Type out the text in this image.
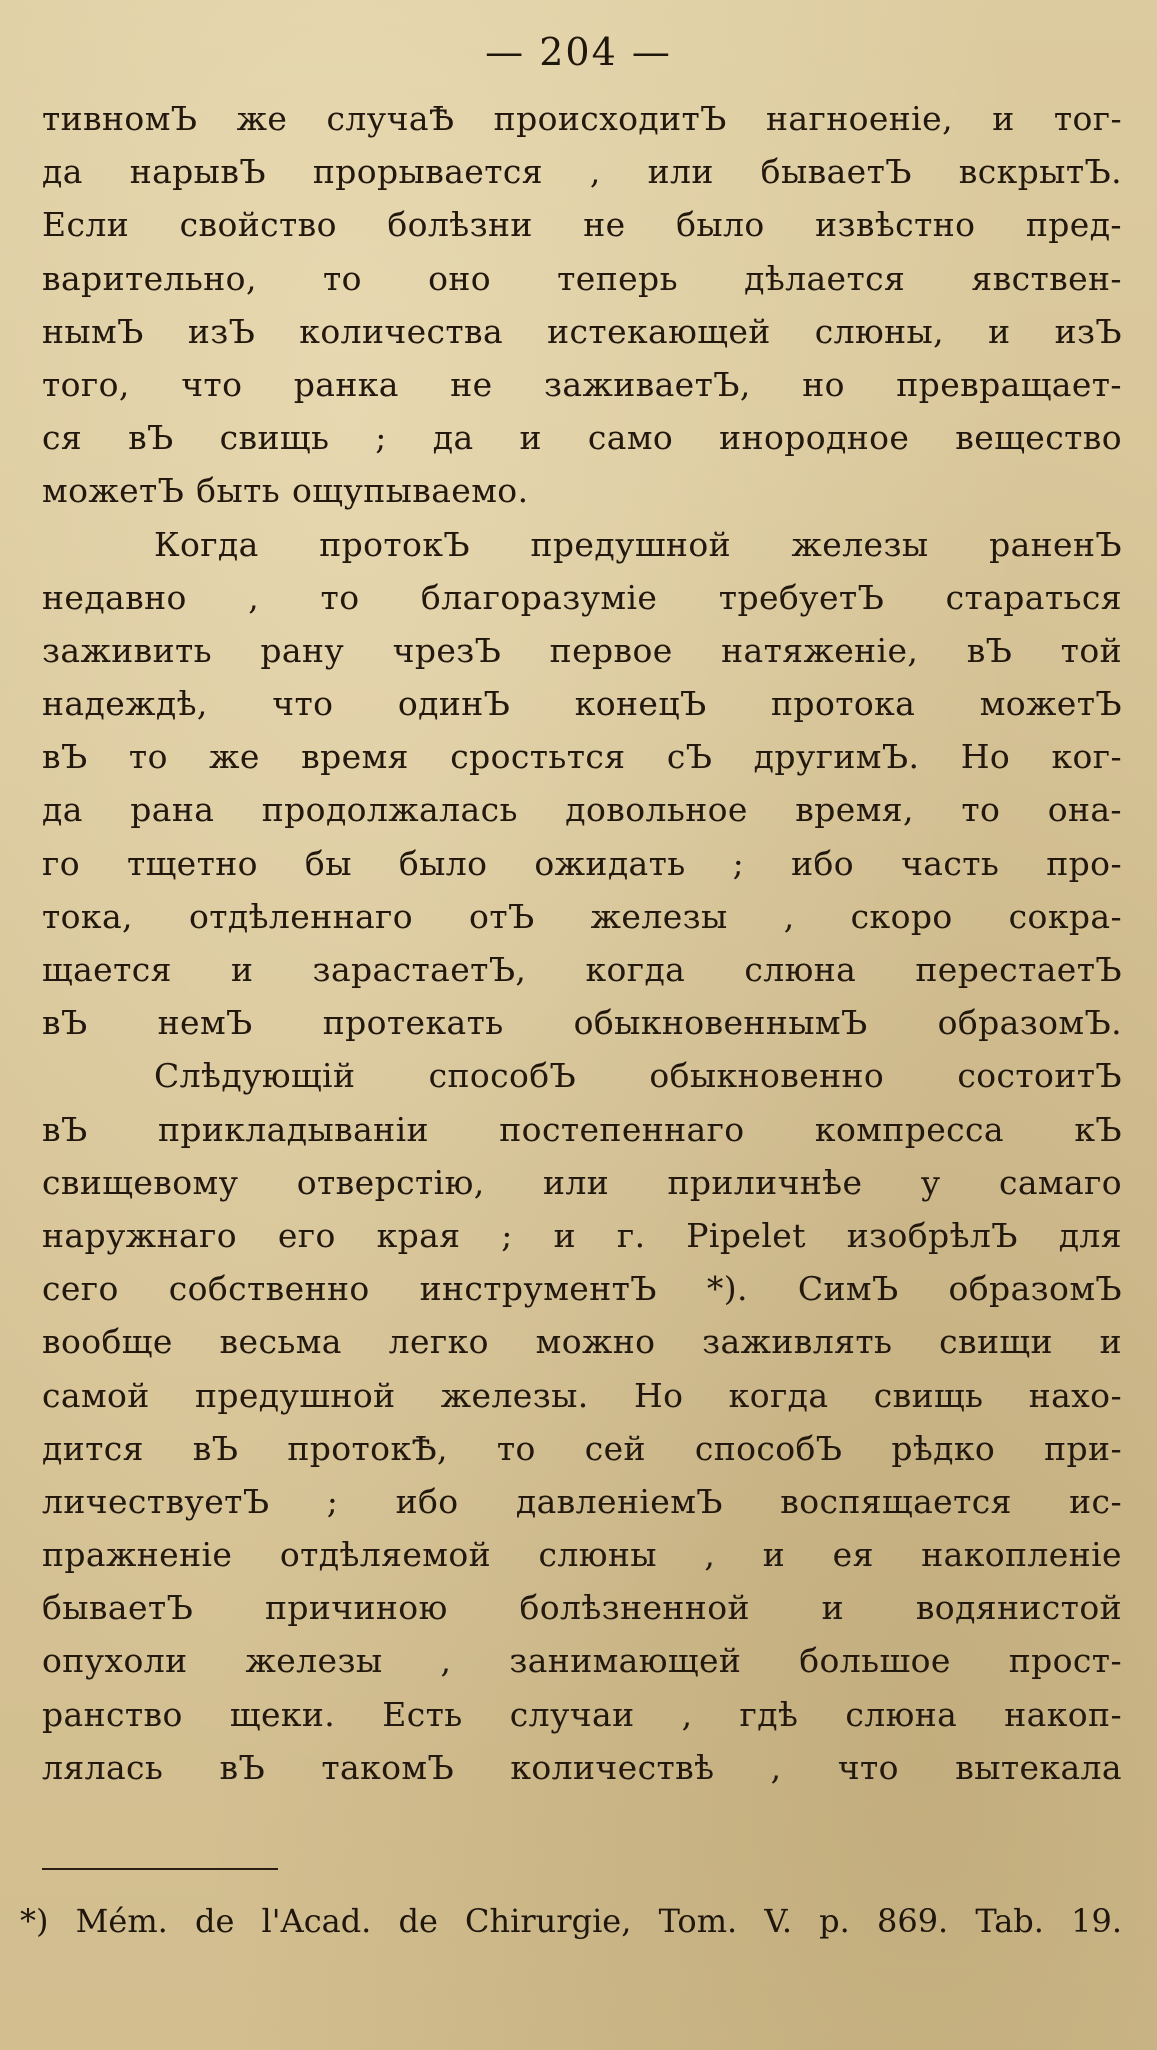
— 204 —
тивномЪ же случаѢ происходитЪ нагноеніе, и тог-
да нарывЪ прорывается , или бываетЪ вскрытЪ.
Если свойство болѣзни не было извѣстно пред-
варительно, то оно теперь дѣлается явствен-
нымЪ изЪ количества истекающей слюны, и изЪ
того, что ранка не заживаетЪ, но превращает-
ся вЪ свищь ; да и само инородное вещество
можетЪ быть ощупываемо.
Когда протокЪ предушной железы раненЪ
недавно , то благоразуміе требуетЪ стараться
заживить рану чрезЪ первое натяженіе, вЪ той
надеждѣ, что одинЪ конецЪ протока можетЪ
вЪ то же время сростьтся сЪ другимЪ. Но ког-
да рана продолжалась довольное время, то она-
го тщетно бы было ожидать ; ибо часть про-
тока, отдѣленнаго отЪ железы , скоро сокра-
щается и зарастаетЪ, когда слюна перестаетЪ
вЪ немЪ протекать обыкновеннымЪ образомЪ.
Слѣдующій способЪ обыкновенно состоитЪ
вЪ прикладываніи постепеннаго компресса кЪ
свищевому отверстію, или приличнѣе у самаго
наружнаго его края ; и г. Pipelet изобрѣлЪ для
сего собственно инструментЪ *). СимЪ образомЪ
вообще весьма легко можно заживлять свищи и
самой предушной железы. Но когда свищь нахо-
дится вЪ протокѢ, то сей способЪ рѣдко при-
личествуетЪ ; ибо давленіемЪ воспящается ис-
пражненіе отдѣляемой слюны , и ея накопленіе
бываетЪ причиною болѣзненной и водянистой
опухоли железы , занимающей большое прост-
ранство щеки. Есть случаи , гдѣ слюна накоп-
лялась вЪ такомЪ количествѣ , что вытекала
*) Mém. de l'Acad. de Chirurgie, Tom. V. p. 869. Tab. 19.
